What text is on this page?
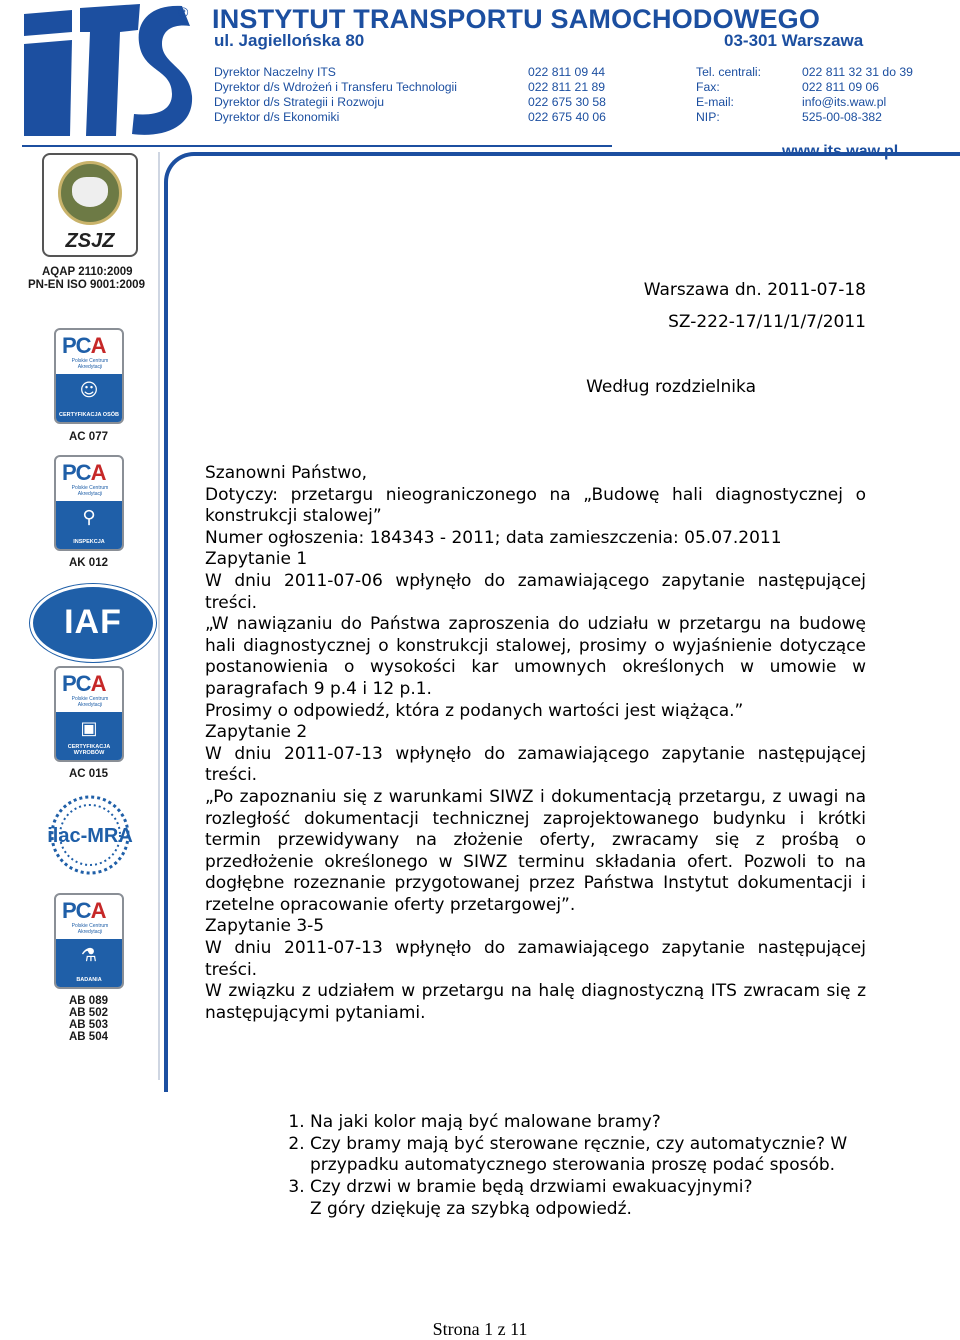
® INSTYTUT TRANSPORTU SAMOCHODOWEGO
ul. Jagiellońska 80	03-301 Warszawa
Dyrektor Naczelny ITS
Dyrektor d/s Wdrożeń i Transferu Technologii
Dyrektor d/s Strategii i Rozwoju
Dyrektor d/s Ekonomiki
022 811 09 44
022 811 21 89
022 675 30 58
022 675 40 06
Tel. centrali:
Fax:
E-mail:
NIP:
022 811 32 31 do 39
022 811 09 06
info@its.waw.pl
525-00-08-382
www.its.waw.pl
ZSJZ
AQAP 2110:2009
PN-EN ISO 9001:2009
PCA
Polskie Centrum Akredytacji
☺
CERTYFIKACJA OSÓB
AC 077
PCA
Polskie Centrum Akredytacji
⚲
INSPEKCJA
AK 012
IAF
PCA
Polskie Centrum Akredytacji
▣
CERTYFIKACJA WYROBÓW
AC 015
ilac-MRA
PCA
Polskie Centrum Akredytacji
⚗
BADANIA
AB 089
AB 502
AB 503
AB 504
Warszawa dn. 2011-07-18
SZ-222-17/11/1/7/2011
Według rozdzielnika

Szanowni Państwo,

Dotyczy: przetargu nieograniczonego na „Budowę hali diagnostycznej o konstrukcji stalowej”

Numer ogłoszenia: 184343 - 2011; data zamieszczenia: 05.07.2011

Zapytanie 1

W dniu 2011-07-06 wpłynęło do zamawiającego zapytanie następującej treści.

„W nawiązaniu do Państwa zaproszenia do udziału w przetargu na budowę hali diagnostycznej o konstrukcji stalowej, prosimy o wyjaśnienie dotyczące postanowienia o wysokości kar umownych określonych w umowie w paragrafach 9 p.4 i 12 p.1.

Prosimy o odpowiedź, która z podanych wartości jest wiążąca.”

Zapytanie 2

W dniu 2011-07-13 wpłynęło do zamawiającego zapytanie następującej treści.

„Po zapoznaniu się z warunkami SIWZ i dokumentacją przetargu, z uwagi na rozległość dokumentacji technicznej zaprojektowanego budynku i krótki termin przewidywany na złożenie oferty, zwracamy się z prośbą o przedłożenie określonego w SIWZ terminu składania ofert. Pozwoli to na dogłębne rozeznanie przygotowanej przez Państwa Instytut dokumentacji i rzetelne opracowanie oferty przetargowej”.

Zapytanie 3-5

W dniu 2011-07-13 wpłynęło do zamawiającego zapytanie następującej treści.

W związku z udziałem w przetargu na halę diagnostyczną ITS zwracam się z następującymi pytaniami.

1. Na jaki kolor mają być malowane bramy?
2. Czy bramy mają być sterowane ręcznie, czy automatycznie? W przypadku automatycznego sterowania proszę podać sposób.
3. Czy drzwi w bramie będą drzwiami ewakuacyjnymi?
Z góry dziękuję za szybką odpowiedź.
Strona 1 z 11
